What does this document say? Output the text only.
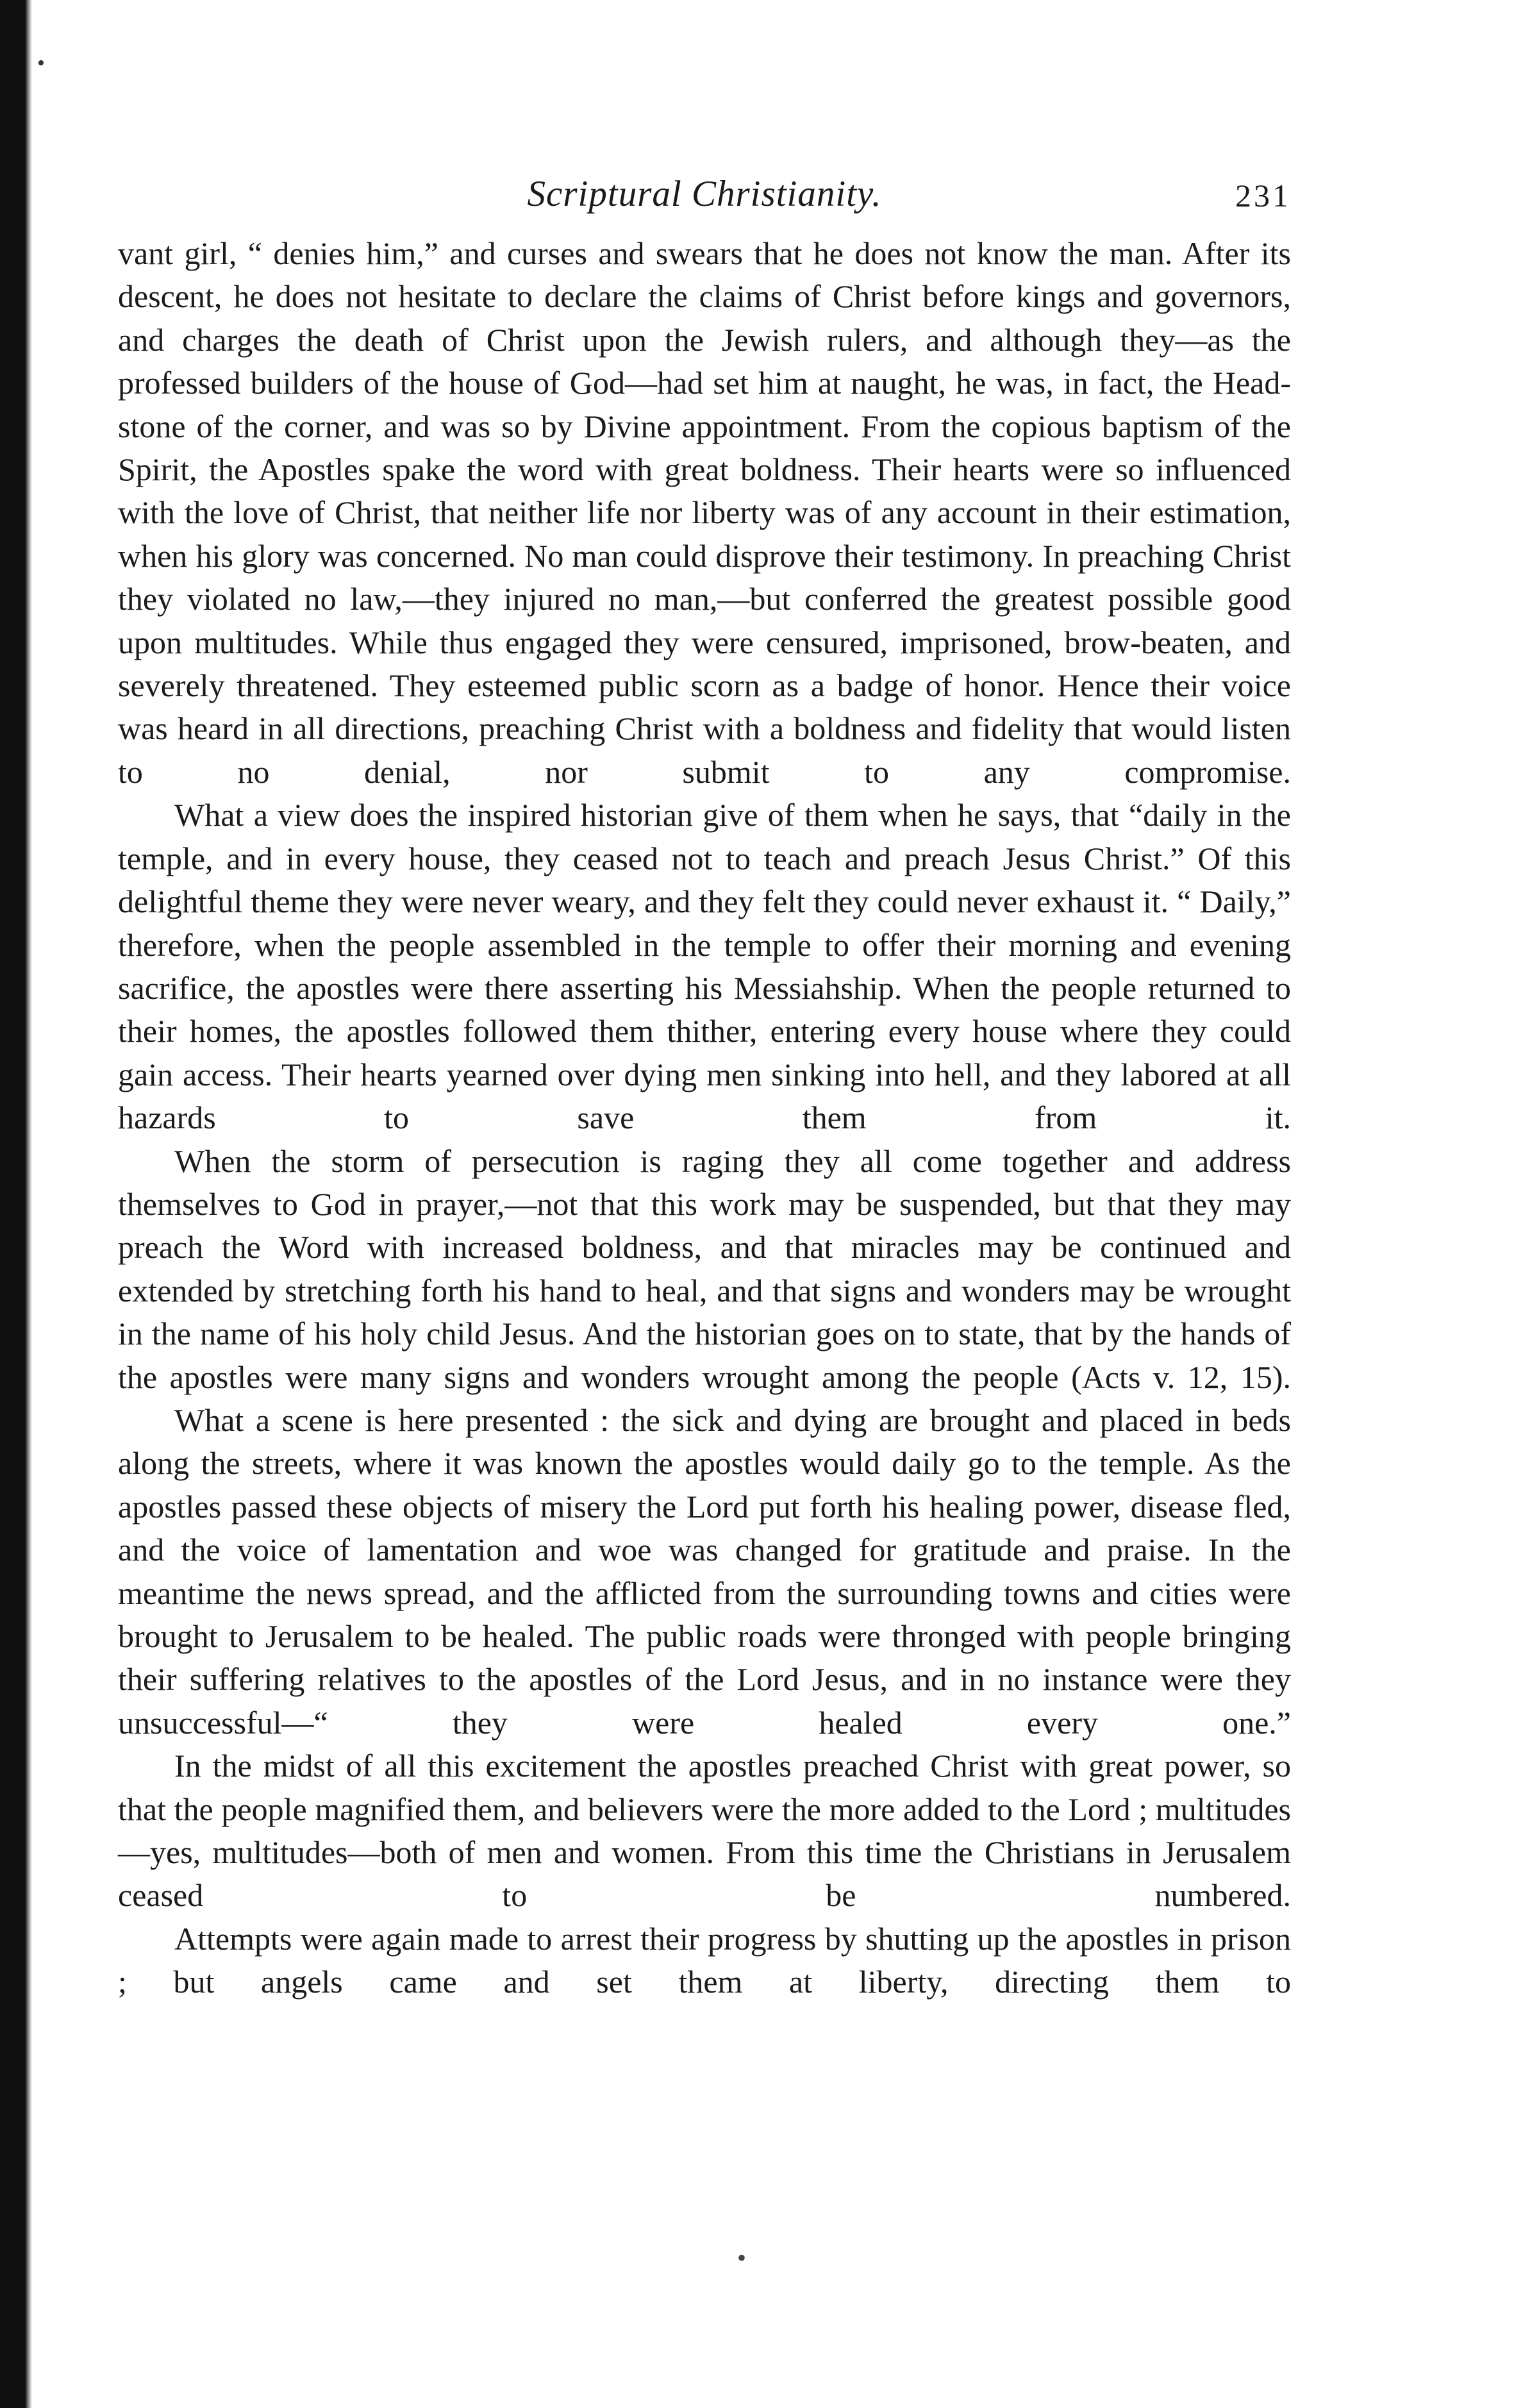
•
Scriptural Christianity.	231

vant girl, “ denies him,” and curses and swears that he does not know the man. After its descent, he does not hesitate to declare the claims of Christ before kings and governors, and charges the death of Christ upon the Jewish rulers, and although they—as the professed builders of the house of God—had set him at naught, he was, in fact, the Head-stone of the corner, and was so by Divine appointment. From the copious baptism of the Spirit, the Apostles spake the word with great boldness. Their hearts were so influenced with the love of Christ, that neither life nor liberty was of any account in their estimation, when his glory was concerned. No man could disprove their testimony. In preaching Christ they violated no law,—they injured no man,—but conferred the greatest possible good upon multitudes. While thus engaged they were censured, imprisoned, brow-beaten, and severely threatened. They esteemed public scorn as a badge of honor. Hence their voice was heard in all directions, preaching Christ with a boldness and fidelity that would listen to no denial, nor submit to any compromise.

What a view does the inspired historian give of them when he says, that “daily in the temple, and in every house, they ceased not to teach and preach Jesus Christ.” Of this delightful theme they were never weary, and they felt they could never exhaust it. “ Daily,” therefore, when the people assembled in the temple to offer their morning and evening sacrifice, the apostles were there asserting his Messiahship. When the people returned to their homes, the apostles followed them thither, entering every house where they could gain access. Their hearts yearned over dying men sinking into hell, and they labored at all hazards to save them from it.

When the storm of persecution is raging they all come together and address themselves to God in prayer,—not that this work may be suspended, but that they may preach the Word with increased boldness, and that miracles may be continued and extended by stretching forth his hand to heal, and that signs and wonders may be wrought in the name of his holy child Jesus. And the historian goes on to state, that by the hands of the apostles were many signs and wonders wrought among the people (Acts v. 12, 15).

What a scene is here presented : the sick and dying are brought and placed in beds along the streets, where it was known the apostles would daily go to the temple. As the apostles passed these objects of misery the Lord put forth his healing power, disease fled, and the voice of lamentation and woe was changed for gratitude and praise. In the meantime the news spread, and the afflicted from the surrounding towns and cities were brought to Jerusalem to be healed. The public roads were thronged with people bringing their suffering relatives to the apostles of the Lord Jesus, and in no instance were they unsuccessful—“ they were healed every one.”

In the midst of all this excitement the apostles preached Christ with great power, so that the people magnified them, and believers were the more added to the Lord ; multitudes—yes, multitudes—both of men and women. From this time the Christians in Jerusalem ceased to be numbered.

Attempts were again made to arrest their progress by shutting up the apostles in prison ; but angels came and set them at liberty, directing them to

•
